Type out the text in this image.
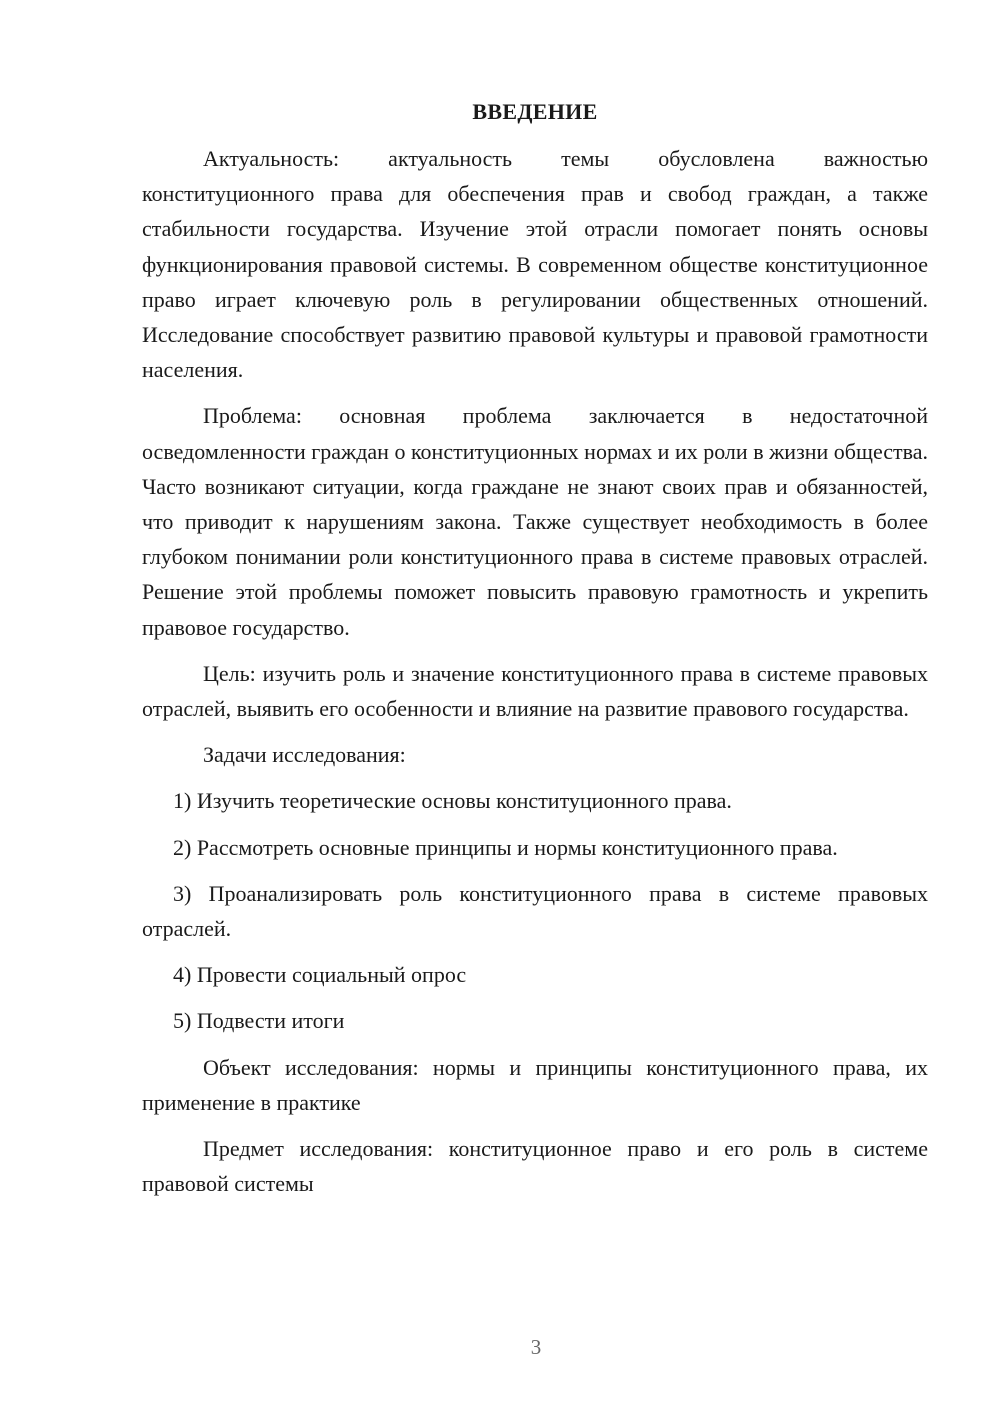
ВВЕДЕНИЕ

Актуальность: актуальность темы обусловлена важностью конституционного права для обеспечения прав и свобод граждан, а также стабильности государства. Изучение этой отрасли помогает понять основы функционирования правовой системы. В современном обществе конституционное право играет ключевую роль в регулировании общественных отношений. Исследование способствует развитию правовой культуры и правовой грамотности населения.

Проблема: основная проблема заключается в недостаточной осведомленности граждан о конституционных нормах и их роли в жизни общества. Часто возникают ситуации, когда граждане не знают своих прав и обязанностей, что приводит к нарушениям закона. Также существует необходимость в более глубоком понимании роли конституционного права в системе правовых отраслей. Решение этой проблемы поможет повысить правовую грамотность и укрепить правовое государство.

Цель: изучить роль и значение конституционного права в системе правовых отраслей, выявить его особенности и влияние на развитие правового государства.

Задачи исследования:

1) Изучить теоретические основы конституционного права.

2) Рассмотреть основные принципы и нормы конституционного права.

3) Проанализировать роль конституционного права в системе правовых отраслей.

4) Провести социальный опрос

5) Подвести итоги

Объект исследования: нормы и принципы конституционного права, их применение в практике

Предмет исследования: конституционное право и его роль в системе правовой системы

3
